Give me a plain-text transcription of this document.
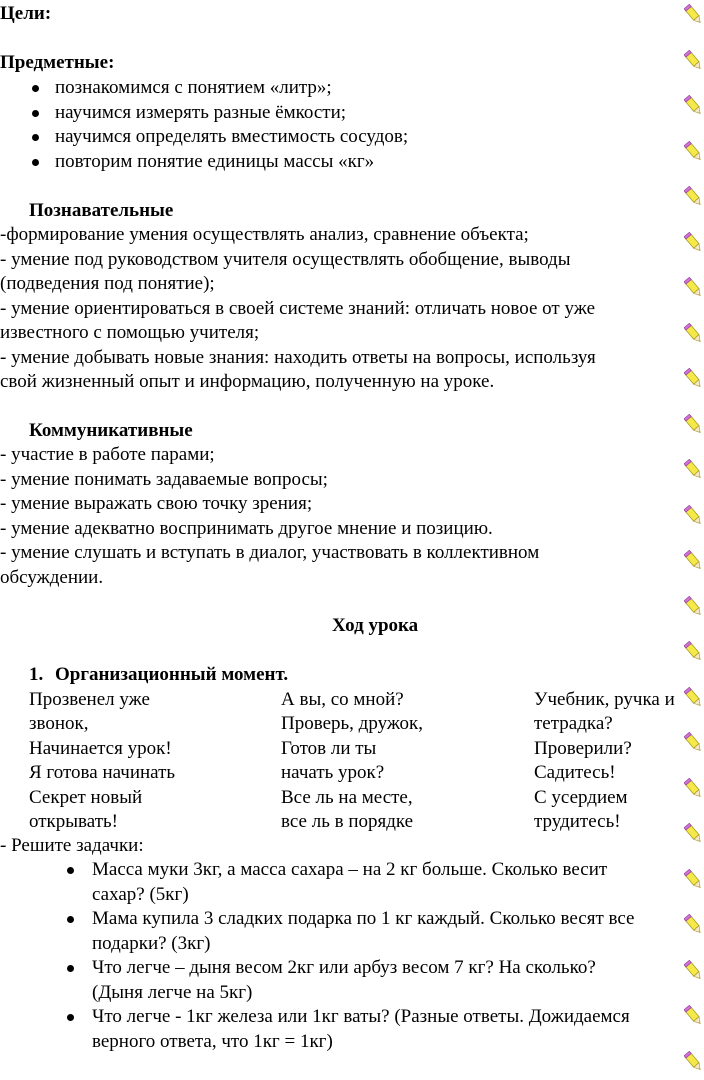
Цели:
Предметные:
познакомимся с понятием «литр»;
научимся измерять разные ёмкости;
научимся определять вместимость сосудов;
повторим понятие единицы массы «кг»
Познавательные
-формирование умения осуществлять анализ, сравнение объекта;
- умение под руководством учителя осуществлять обобщение, выводы
(подведения под понятие);
- умение ориентироваться в своей системе знаний: отличать новое от уже
известного с помощью учителя;
- умение добывать новые знания: находить ответы на вопросы, используя
свой жизненный опыт и информацию, полученную на уроке.
Коммуникативные
- участие в работе парами;
- умение понимать задаваемые вопросы;
- умение выражать свою точку зрения;
- умение адекватно воспринимать другое мнение и позицию.
- умение слушать и вступать в диалог, участвовать в коллективном
обсуждении.
Ход урока
1. Организационный момент.
Прозвенел уже
звонок,
Начинается урок!
Я готова начинать
Секрет новый
открывать!
А вы, со мной?
Проверь, дружок,
Готов ли ты
начать урок?
Все ль на месте,
все ль в порядке
Учебник, ручка и
тетрадка?
Проверили?
Садитесь!
С усердием
трудитесь!
- Решите задачки:
Масса муки 3кг, а масса сахара – на 2 кг больше. Сколько весит
сахар? (5кг)
Мама купила 3 сладких подарка по 1 кг каждый. Сколько весят все
подарки? (3кг)
Что легче – дыня весом 2кг или арбуз весом 7 кг? На сколько?
(Дыня легче на 5кг)
Что легче - 1кг железа или 1кг ваты? (Разные ответы. Дожидаемся
верного ответа, что 1кг = 1кг)
